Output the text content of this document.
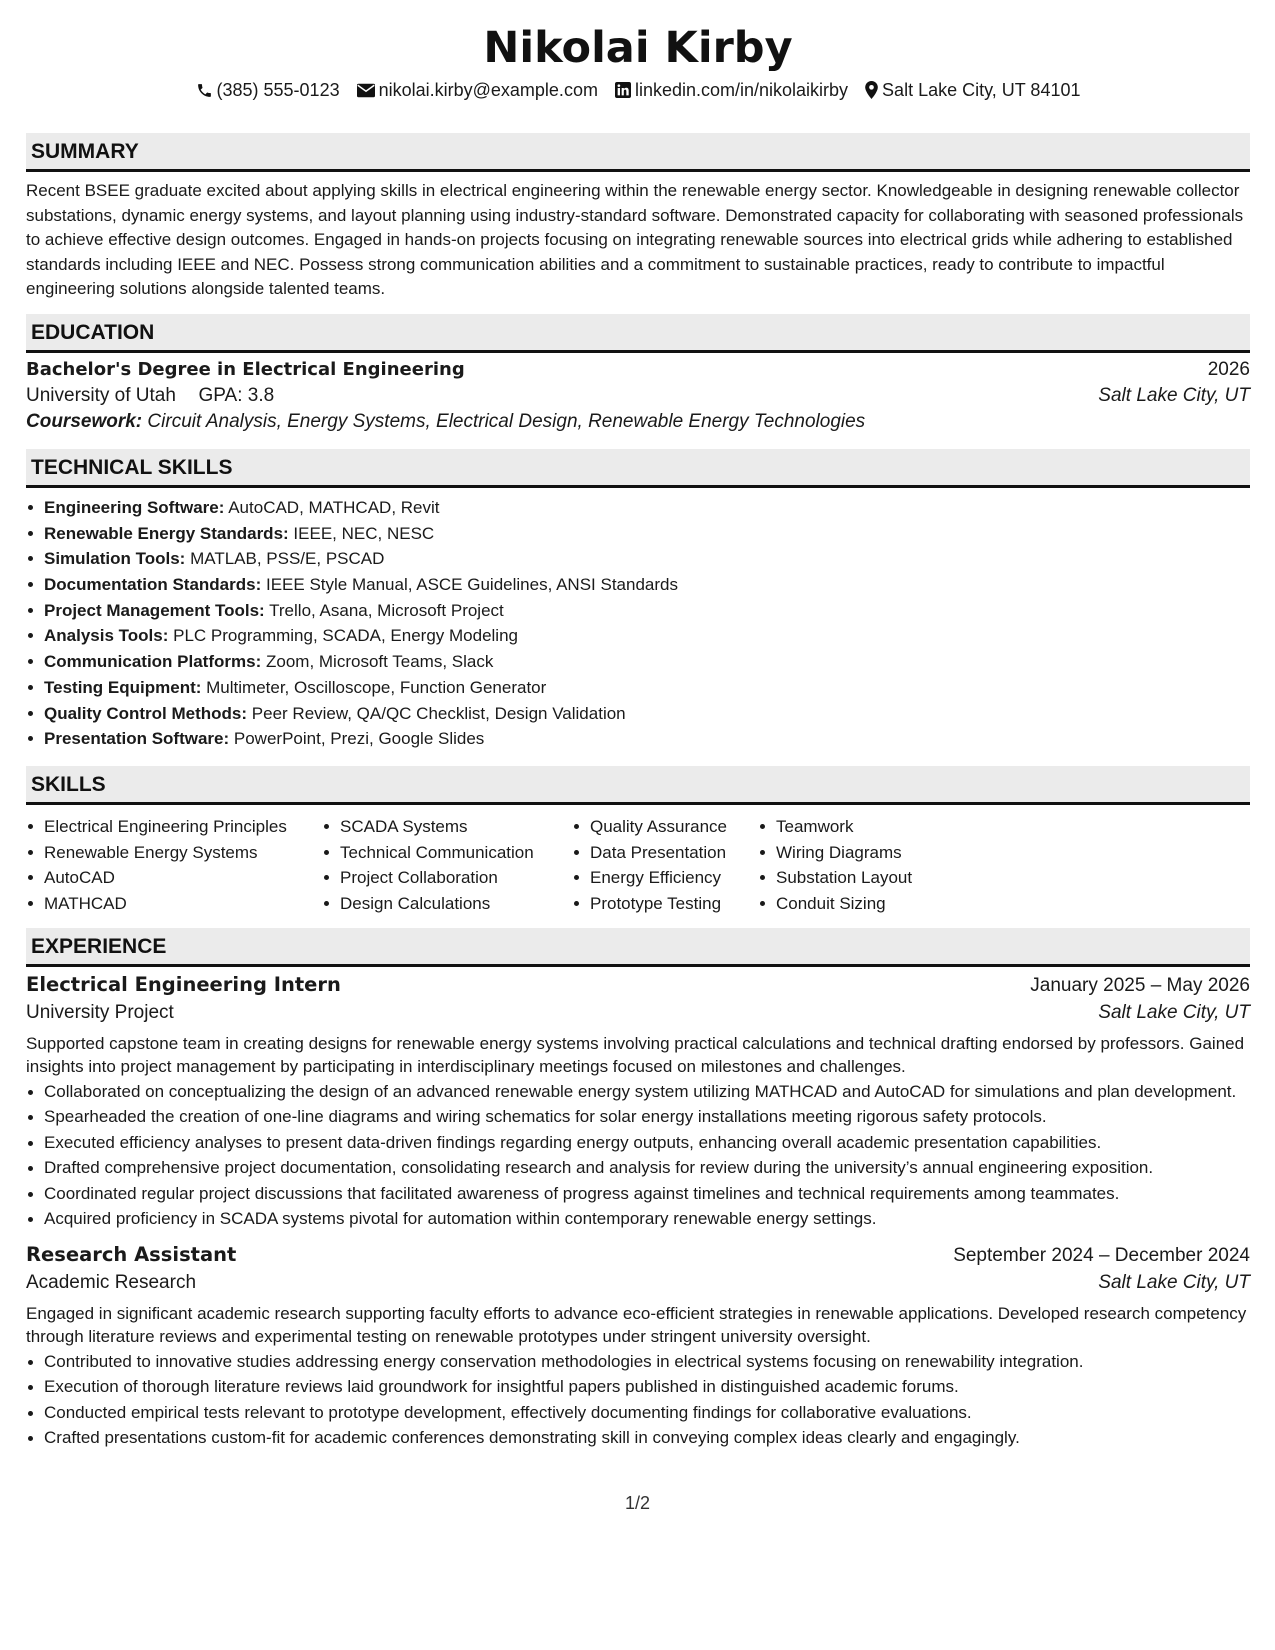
Nikolai Kirby
(385) 555-0123 nikolai.kirby@example.com linkedin.com/in/nikolaikirby Salt Lake City, UT 84101
SUMMARY
Recent BSEE graduate excited about applying skills in electrical engineering within the renewable energy sector. Knowledgeable in designing renewable collector substations, dynamic energy systems, and layout planning using industry-standard software. Demonstrated capacity for collaborating with seasoned professionals to achieve effective design outcomes. Engaged in hands-on projects focusing on integrating renewable sources into electrical grids while adhering to established standards including IEEE and NEC. Possess strong communication abilities and a commitment to sustainable practices, ready to contribute to impactful engineering solutions alongside talented teams.
EDUCATION
Bachelor's Degree in Electrical Engineering	2026
University of Utah GPA: 3.8	Salt Lake City, UT
Coursework: Circuit Analysis, Energy Systems, Electrical Design, Renewable Energy Technologies
TECHNICAL SKILLS
Engineering Software: AutoCAD, MATHCAD, Revit
Renewable Energy Standards: IEEE, NEC, NESC
Simulation Tools: MATLAB, PSS/E, PSCAD
Documentation Standards: IEEE Style Manual, ASCE Guidelines, ANSI Standards
Project Management Tools: Trello, Asana, Microsoft Project
Analysis Tools: PLC Programming, SCADA, Energy Modeling
Communication Platforms: Zoom, Microsoft Teams, Slack
Testing Equipment: Multimeter, Oscilloscope, Function Generator
Quality Control Methods: Peer Review, QA/QC Checklist, Design Validation
Presentation Software: PowerPoint, Prezi, Google Slides
SKILLS
Electrical Engineering Principles
Renewable Energy Systems
AutoCAD
MATHCAD
SCADA Systems
Technical Communication
Project Collaboration
Design Calculations
Quality Assurance
Data Presentation
Energy Efficiency
Prototype Testing
Teamwork
Wiring Diagrams
Substation Layout
Conduit Sizing
EXPERIENCE
Electrical Engineering Intern	January 2025 – May 2026
University Project	Salt Lake City, UT
Supported capstone team in creating designs for renewable energy systems involving practical calculations and technical drafting endorsed by professors. Gained insights into project management by participating in interdisciplinary meetings focused on milestones and challenges.
Collaborated on conceptualizing the design of an advanced renewable energy system utilizing MATHCAD and AutoCAD for simulations and plan development.
Spearheaded the creation of one-line diagrams and wiring schematics for solar energy installations meeting rigorous safety protocols.
Executed efficiency analyses to present data-driven findings regarding energy outputs, enhancing overall academic presentation capabilities.
Drafted comprehensive project documentation, consolidating research and analysis for review during the university’s annual engineering exposition.
Coordinated regular project discussions that facilitated awareness of progress against timelines and technical requirements among teammates.
Acquired proficiency in SCADA systems pivotal for automation within contemporary renewable energy settings.
Research Assistant	September 2024 – December 2024
Academic Research	Salt Lake City, UT
Engaged in significant academic research supporting faculty efforts to advance eco-efficient strategies in renewable applications. Developed research competency through literature reviews and experimental testing on renewable prototypes under stringent university oversight.
Contributed to innovative studies addressing energy conservation methodologies in electrical systems focusing on renewability integration.
Execution of thorough literature reviews laid groundwork for insightful papers published in distinguished academic forums.
Conducted empirical tests relevant to prototype development, effectively documenting findings for collaborative evaluations.
Crafted presentations custom-fit for academic conferences demonstrating skill in conveying complex ideas clearly and engagingly.
1/2
